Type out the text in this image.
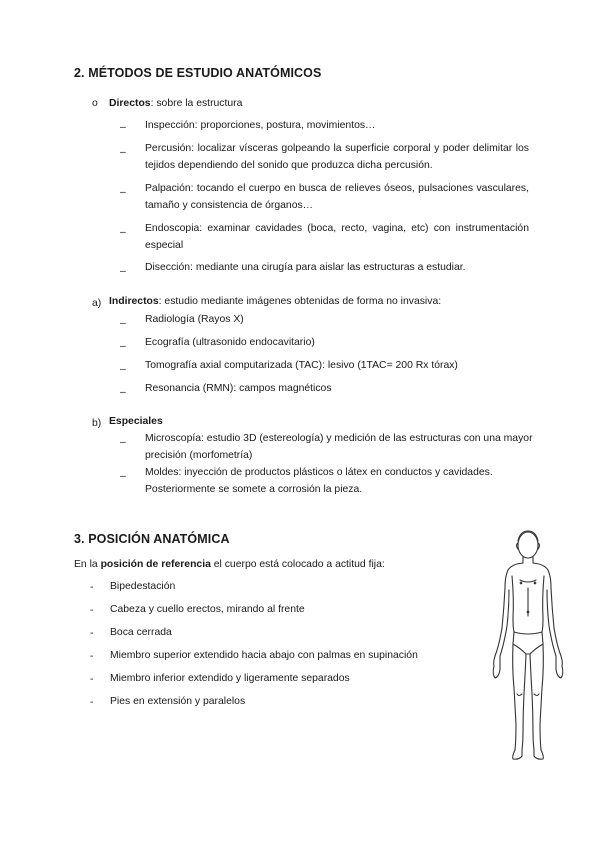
2. MÉTODOS DE ESTUDIO ANATÓMICOS
o Directos: sobre la estructura
– Inspección: proporciones, postura, movimientos…
– Percusión: localizar vísceras golpeando la superficie corporal y poder delimitar los tejidos dependiendo del sonido que produzca dicha percusión.
– Palpación: tocando el cuerpo en busca de relieves óseos, pulsaciones vasculares, tamaño y consistencia de órganos…
– Endoscopia: examinar cavidades (boca, recto, vagina, etc) con instrumentación especial
– Disección: mediante una cirugía para aislar las estructuras a estudiar.
a) Indirectos: estudio mediante imágenes obtenidas de forma no invasiva:
– Radiología (Rayos X)
– Ecografía (ultrasonido endocavitario)
– Tomografía axial computarizada (TAC): lesivo (1TAC= 200 Rx tórax)
– Resonancia (RMN): campos magnéticos
b) Especiales
– Microscopía: estudio 3D (estereología) y medición de las estructuras con una mayor precisión (morfometría)
– Moldes: inyección de productos plásticos o látex en conductos y cavidades. Posteriormente se somete a corrosión la pieza.
3. POSICIÓN ANATÓMICA
En la posición de referencia el cuerpo está colocado a actitud fija:
- Bipedestación
- Cabeza y cuello erectos, mirando al frente
- Boca cerrada
- Miembro superior extendido hacia abajo con palmas en supinación
- Miembro inferior extendido y ligeramente separados
- Pies en extensión y paralelos
